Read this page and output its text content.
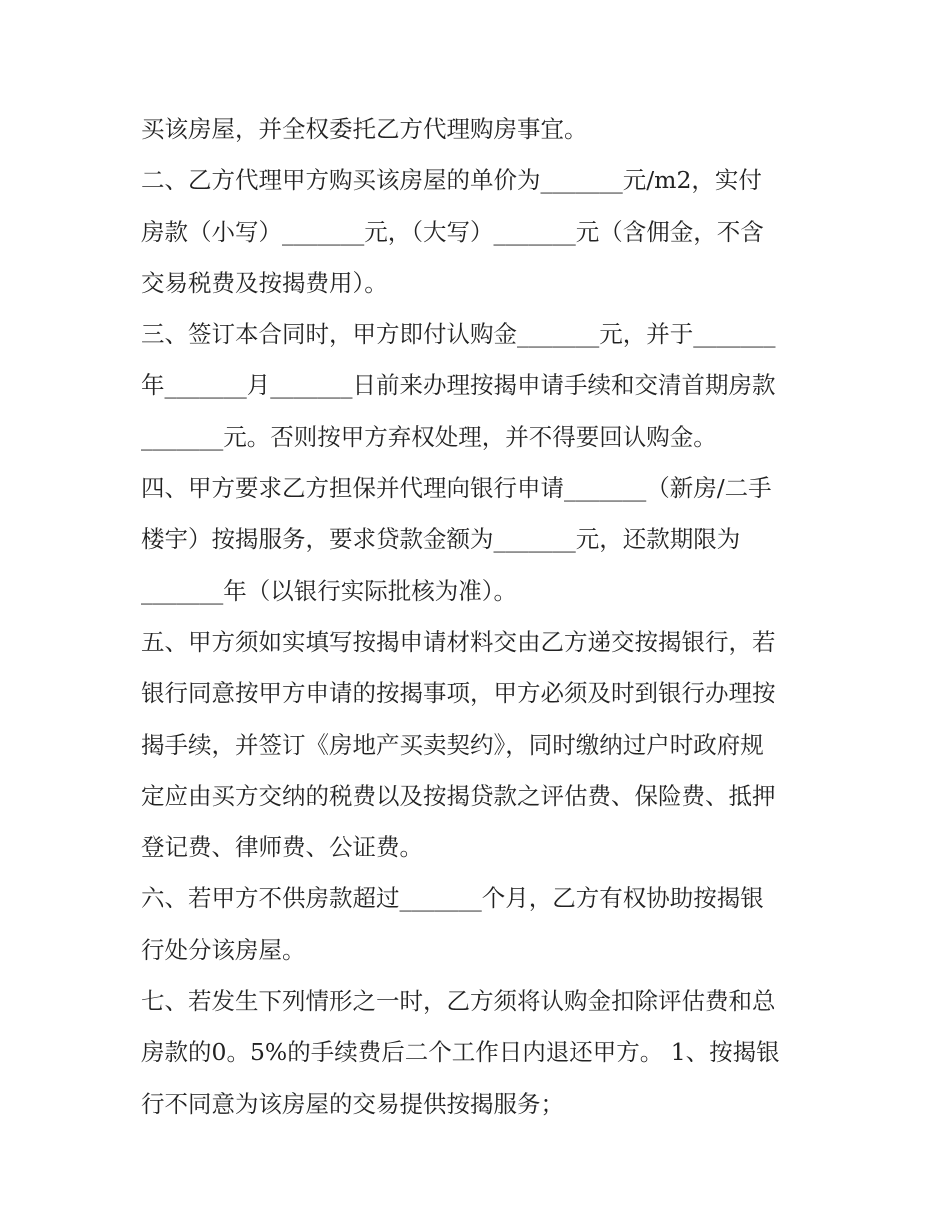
买该房屋，并全权委托乙方代理购房事宜。
二、乙方代理甲方购买该房屋的单价为_______元/m2，实付
房款（小写）_______元，（大写）_______元（含佣金，不含
交易税费及按揭费用）。
三、签订本合同时，甲方即付认购金_______元，并于_______
年_______月_______日前来办理按揭申请手续和交清首期房款
_______元。否则按甲方弃权处理，并不得要回认购金。
四、甲方要求乙方担保并代理向银行申请_______（新房/二手
楼宇）按揭服务，要求贷款金额为_______元，还款期限为
_______年（以银行实际批核为准）。
五、甲方须如实填写按揭申请材料交由乙方递交按揭银行，若
银行同意按甲方申请的按揭事项，甲方必须及时到银行办理按
揭手续，并签订《房地产买卖契约》，同时缴纳过户时政府规
定应由买方交纳的税费以及按揭贷款之评估费、保险费、抵押
登记费、律师费、公证费。
六、若甲方不供房款超过_______个月，乙方有权协助按揭银
行处分该房屋。
七、若发生下列情形之一时，乙方须将认购金扣除评估费和总
房款的0。5%的手续费后二个工作日内退还甲方。 1、按揭银
行不同意为该房屋的交易提供按揭服务；
